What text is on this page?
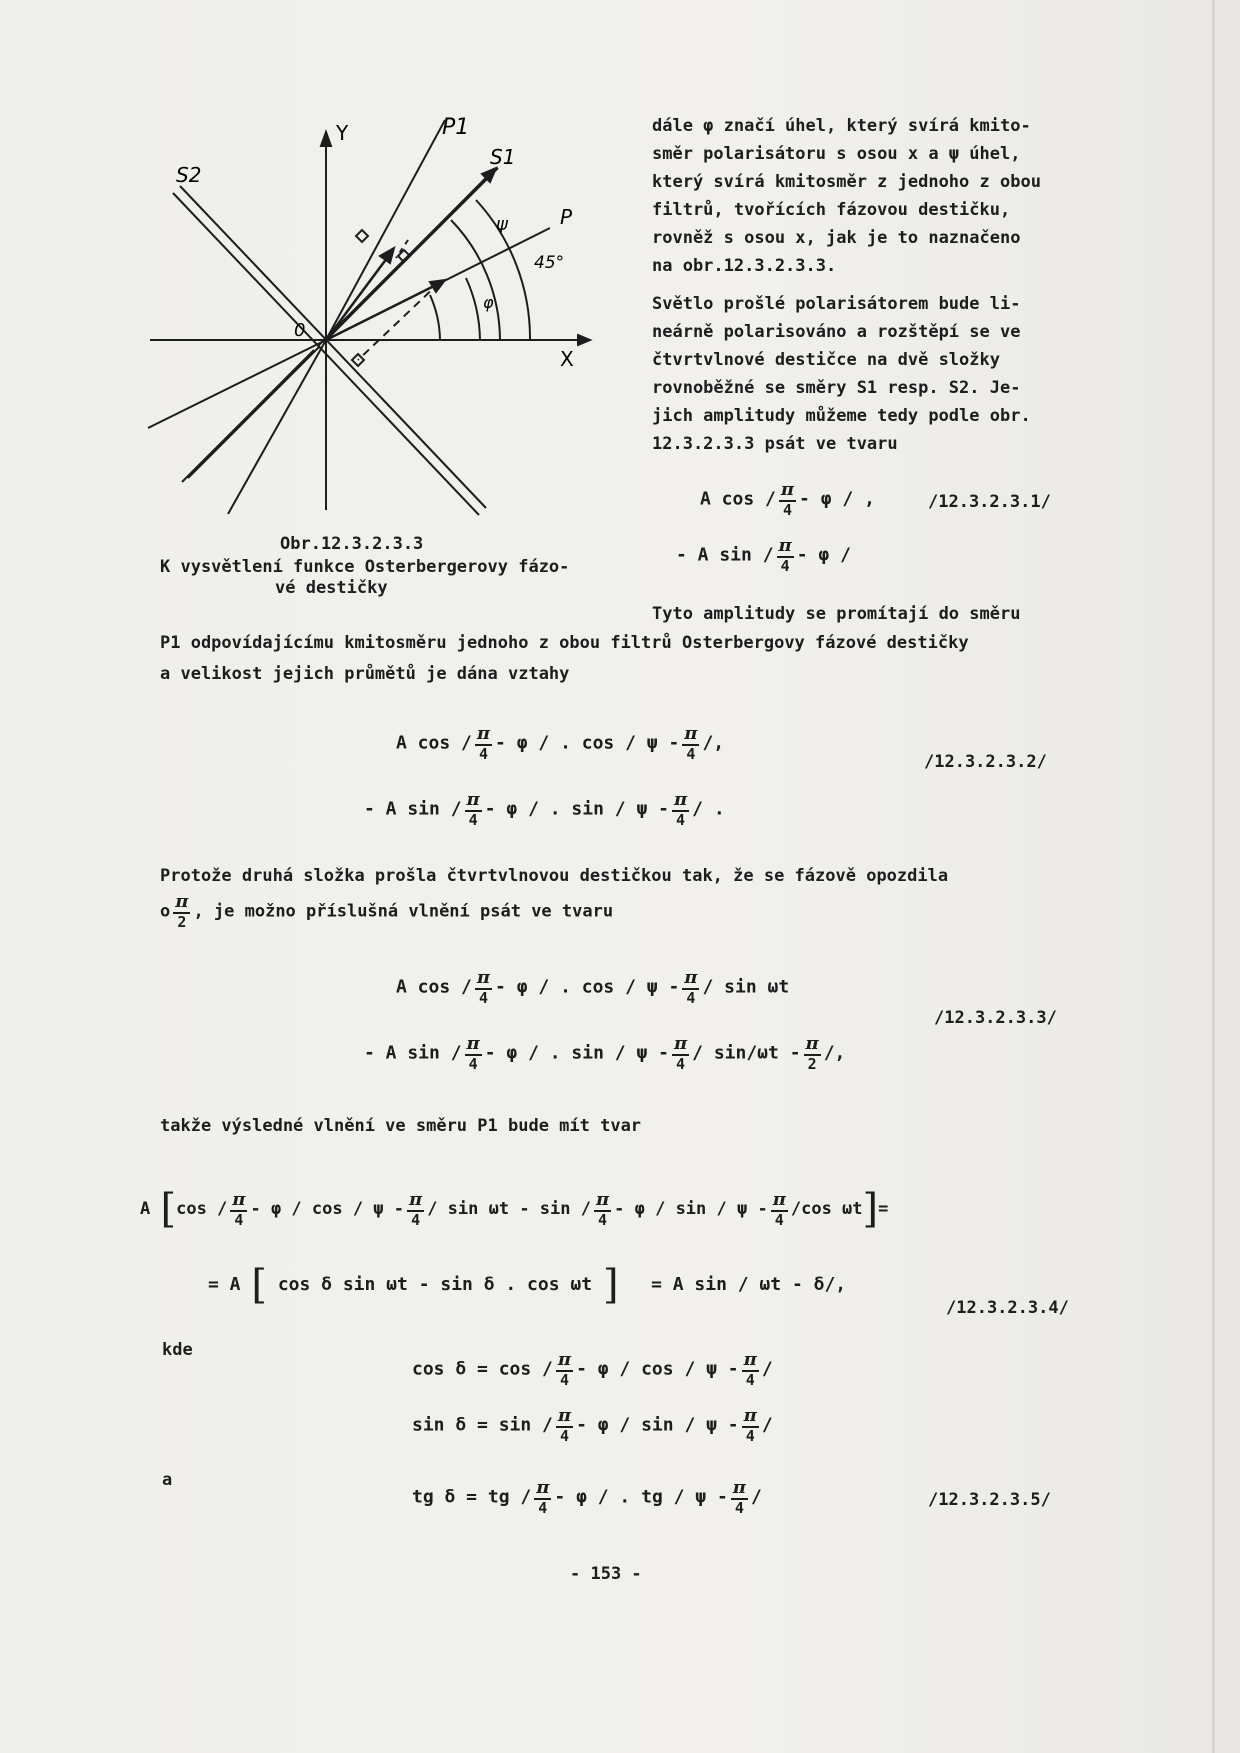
Y
X
S2
S1
P1
P
0
45°
ψ
φ
Obr.12.3.2.3.3
K vysvětlení funkce Osterbergerovy fázo-
vé destičky
dále φ značí úhel, který svírá kmito-
směr polarisátoru s osou x a ψ úhel,
který svírá kmitosměr z jednoho z obou
filtrů, tvořících fázovou destičku,
rovněž s osou x, jak je to naznačeno
na obr.12.3.2.3.3.
Světlo prošlé polarisátorem bude li-
neárně polarisováno a rozštěpí se ve
čtvrtvlnové destičce na dvě složky
rovnoběžné se směry S1 resp. S2. Je-
jich amplitudy můžeme tedy podle obr.
12.3.2.3.3 psát ve tvaru
A cos / $\frac{\pi}{4}$ - φ / ,	/12.3.2.3.1/
- A sin / $\frac{\pi}{4}$ - φ /
Tyto amplitudy se promítají do směru
P1 odpovídajícímu kmitosměru jednoho z obou filtrů Osterbergovy fázové destičky
a velikost jejich průmětů je dána vztahy
A cos / $\frac{\pi}{4}$ - φ / . cos / ψ - $\frac{\pi}{4}$ /,
/12.3.2.3.2/
- A sin / $\frac{\pi}{4}$ - φ / . sin / ψ - $\frac{\pi}{4}$ / .
Protože druhá složka prošla čtvrtvlnovou destičkou tak, že se fázově opozdila
o $\frac{\pi}{2}$ , je možno příslušná vlnění psát ve tvaru
A cos / $\frac{\pi}{4}$ - φ / . cos / ψ - $\frac{\pi}{4}$ / sin ωt
/12.3.2.3.3/
- A sin / $\frac{\pi}{4}$ - φ / . sin / ψ - $\frac{\pi}{4} / \sin/\omega t - \frac{\pi}{2}$ /,
takže výsledné vlnění ve směru P1 bude mít tvar
A [$\cos / \frac{\pi}{4}$ - φ / cos / ψ - $\frac{\pi}{4}$ / sin ωt - sin / $\frac{\pi}{4}$ - φ / sin / ψ - $\frac{\pi}{4} /\cos$ ωt]=
= A [ cos δ sin ωt - sin δ . cos ωt ] = A sin / ωt - δ/,
/12.3.2.3.4/
kde
$\cos \delta = \cos / \frac{\pi}{4} - \varphi / \cos / \psi - \frac{\pi}{4}$ /
$\sin \delta = \sin / \frac{\pi}{4} - \varphi / \sin / \psi - \frac{\pi}{4}$ /
a
tg δ = tg / $\frac{\pi}{4}$ - φ / . tg / ψ - $\frac{\pi}{4}$ /	/12.3.2.3.5/
- 153 -
